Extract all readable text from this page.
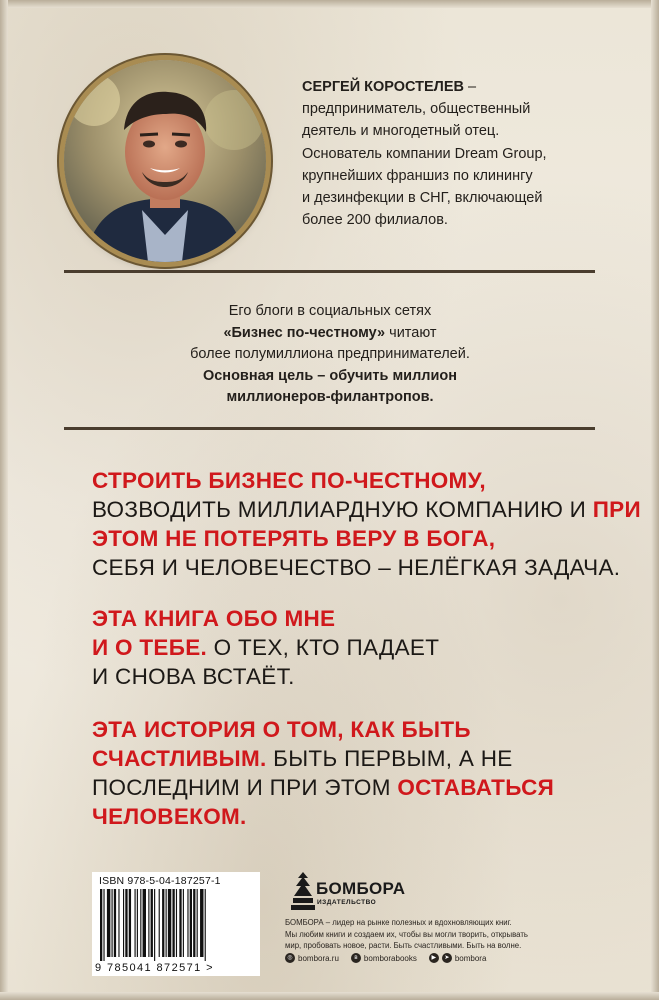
СЕРГЕЙ КОРОСТЕЛЕВ –
предприниматель, общественный
деятель и многодетный отец.
Основатель компании Dream Group,
крупнейших франшиз по клинингу
и дезинфекции в СНГ, включающей
более 200 филиалов.
Его блоги в социальных сетях
«Бизнес по-честному» читают
более полумиллиона предпринимателей.
Основная цель – обучить миллион
миллионеров-филантропов.
СТРОИТЬ БИЗНЕС ПО-ЧЕСТНОМУ,
ВОЗВОДИТЬ МИЛЛИАРДНУЮ КОМПАНИЮ И ПРИ
ЭТОМ НЕ ПОТЕРЯТЬ ВЕРУ В БОГА,
СЕБЯ И ЧЕЛОВЕЧЕСТВО – НЕЛЁГКАЯ ЗАДАЧА.
ЭТА КНИГА ОБО МНЕ
И О ТЕБЕ. О ТЕХ, КТО ПАДАЕТ
И СНОВА ВСТАЁТ.
ЭТА ИСТОРИЯ О ТОМ, КАК БЫТЬ
СЧАСТЛИВЫМ. БЫТЬ ПЕРВЫМ, А НЕ
ПОСЛЕДНИМ И ПРИ ЭТОМ ОСТАВАТЬСЯ
ЧЕЛОВЕКОМ.
ISBN 978-5-04-187257-1
9 785041 872571 >
БОМБОРА
ИЗДАТЕЛЬСТВО
БОМБОРА – лидер на рынке полезных и вдохновляющих книг.
Мы любим книги и создаем их, чтобы вы могли творить, открывать
мир, пробовать новое, расти. Быть счастливыми. Быть на волне.
◎ bombora.ru	в bomborabooks	▶	➤ bombora
